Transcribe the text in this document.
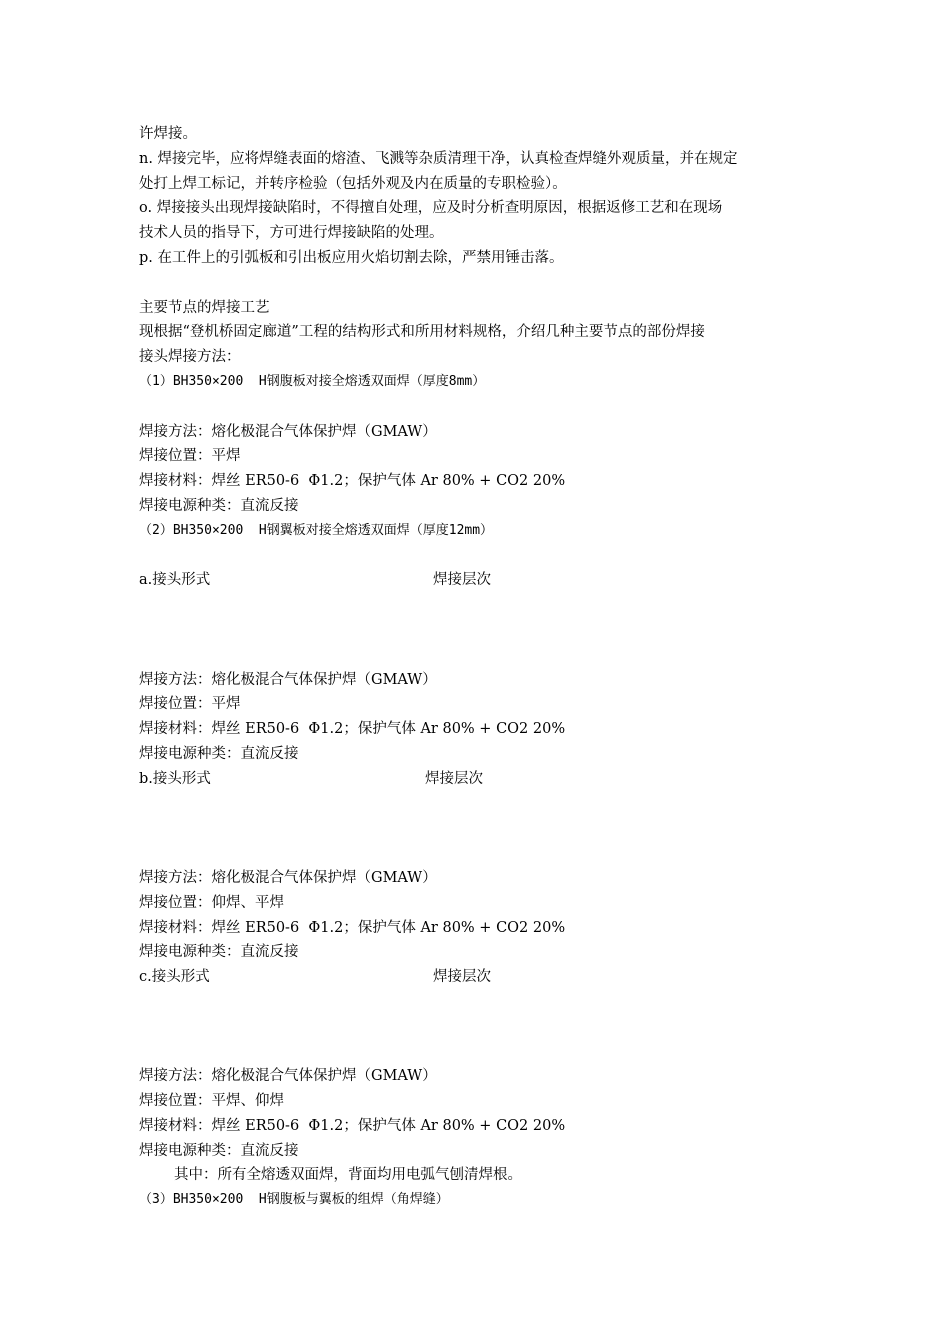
许焊接。
n. 焊接完毕，应将焊缝表面的熔渣、飞溅等杂质清理干净，认真检查焊缝外观质量，并在规定
处打上焊工标记，并转序检验（包括外观及内在质量的专职检验）。
o. 焊接接头出现焊接缺陷时，不得擅自处理，应及时分析查明原因，根据返修工艺和在现场
技术人员的指导下，方可进行焊接缺陷的处理。
p. 在工件上的引弧板和引出板应用火焰切割去除，严禁用锤击落。
主要节点的焊接工艺
现根据“登机桥固定廊道”工程的结构形式和所用材料规格，介绍几种主要节点的部份焊接
接头焊接方法：
（1）BH350×200  H钢腹板对接全熔透双面焊（厚度8mm）
焊接方法：熔化极混合气体保护焊（GMAW）
焊接位置：平焊
焊接材料：焊丝 ER50-6  Φ1.2；保护气体 Ar 80% + CO2 20%
焊接电源种类：直流反接
（2）BH350×200  H钢翼板对接全熔透双面焊（厚度12mm）
a.接头形式	焊接层次
焊接方法：熔化极混合气体保护焊（GMAW）
焊接位置：平焊
焊接材料：焊丝 ER50-6  Φ1.2；保护气体 Ar 80% + CO2 20%
焊接电源种类：直流反接
b.接头形式	焊接层次
焊接方法：熔化极混合气体保护焊（GMAW）
焊接位置：仰焊、平焊
焊接材料：焊丝 ER50-6  Φ1.2；保护气体 Ar 80% + CO2 20%
焊接电源种类：直流反接
c.接头形式	焊接层次
焊接方法：熔化极混合气体保护焊（GMAW）
焊接位置：平焊、仰焊
焊接材料：焊丝 ER50-6  Φ1.2；保护气体 Ar 80% + CO2 20%
焊接电源种类：直流反接
其中：所有全熔透双面焊，背面均用电弧气刨清焊根。
（3）BH350×200  H钢腹板与翼板的组焊（角焊缝）
